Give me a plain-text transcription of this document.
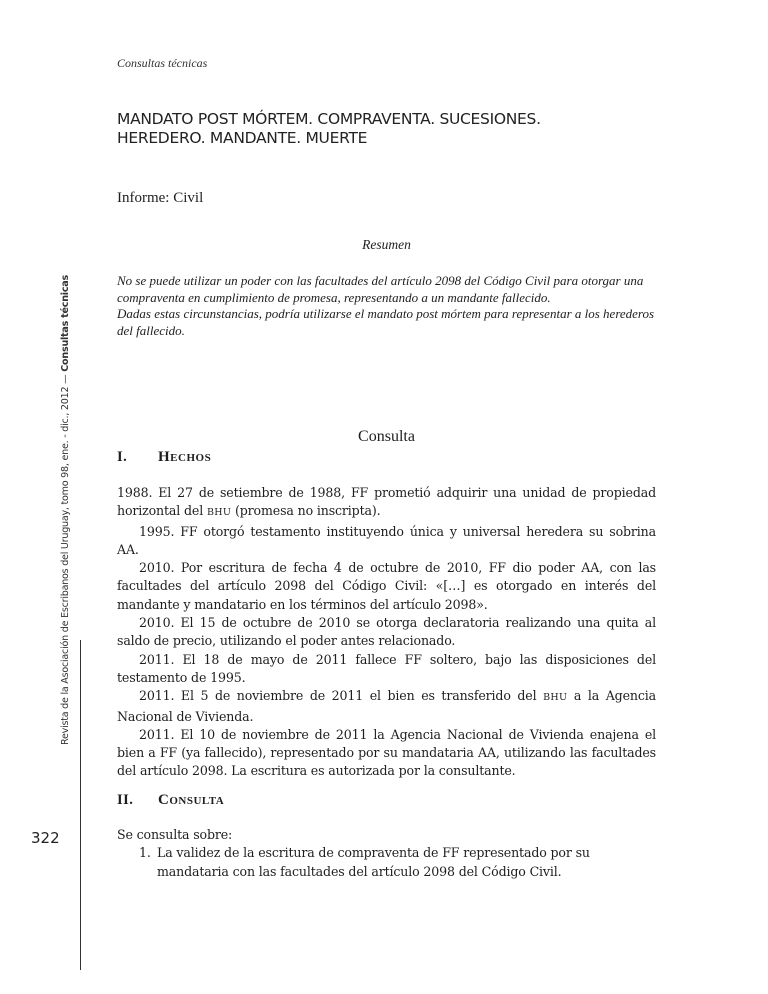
Consultas técnicas
MANDATO POST MÓRTEM. COMPRAVENTA. SUCESIONES.
HEREDERO. MANDANTE. MUERTE
Informe: Civil
Resumen

No se puede utilizar un poder con las facultades del artículo 2098 del Código Civil para otorgar una compraventa en cumplimiento de promesa, representando a un mandante fallecido.

Dadas estas circunstancias, podría utilizarse el mandato post mórtem para representar a los herederos del fallecido.

Consulta
I. HECHOS

1988. El 27 de setiembre de 1988, FF prometió adquirir una unidad de propiedad horizontal del BHU (promesa no inscripta).

1995. FF otorgó testamento instituyendo única y universal heredera su sobrina AA.

2010. Por escritura de fecha 4 de octubre de 2010, FF dio poder AA, con las facultades del artículo 2098 del Código Civil: «[…] es otorgado en interés del mandante y mandatario en los términos del artículo 2098».

2010. El 15 de octubre de 2010 se otorga declaratoria realizando una quita al saldo de precio, utilizando el poder antes relacionado.

2011. El 18 de mayo de 2011 fallece FF soltero, bajo las disposiciones del testamento de 1995.

2011. El 5 de noviembre de 2011 el bien es transferido del BHU a la Agencia Nacional de Vivienda.

2011. El 10 de noviembre de 2011 la Agencia Nacional de Vivienda enajena el bien a FF (ya fallecido), representado por su mandataria AA, utilizando las facultades del artículo 2098. La escritura es autorizada por la consultante.

II. CONSULTA

Se consulta sobre:

1. La validez de la escritura de compraventa de FF representado por su mandataria con las facultades del artículo 2098 del Código Civil.
Revista de la Asociación de Escribanos del Uruguay, tomo 98, ene. - dic., 2012 — Consultas técnicas
322
